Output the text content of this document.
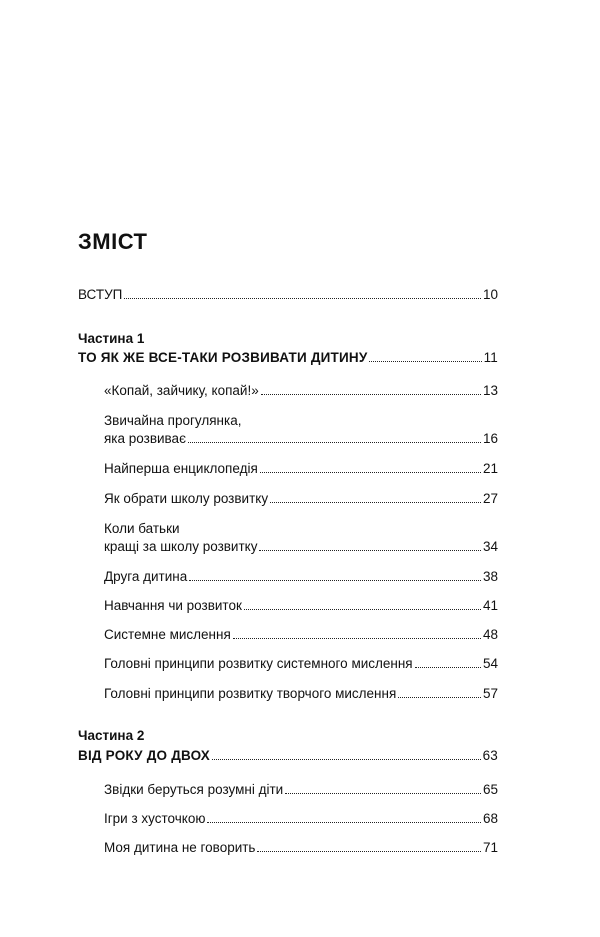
ЗМІСТ
ВСТУП	10
Частина 1
ТО ЯК ЖЕ ВСЕ-ТАКИ РОЗВИВАТИ ДИТИНУ	11
«Копай, зайчику, копай!»	13
Звичайна прогулянка,
яка розвиває	16
Найперша енциклопедія	21
Як обрати школу розвитку	27
Коли батьки
кращі за школу розвитку	34
Друга дитина	38
Навчання чи розвиток	41
Системне мислення	48
Головні принципи розвитку системного мислення	54
Головні принципи розвитку творчого мислення	57
Частина 2
ВІД РОКУ ДО ДВОХ	63
Звідки беруться розумні діти	65
Ігри з хусточкою	68
Моя дитина не говорить	71
